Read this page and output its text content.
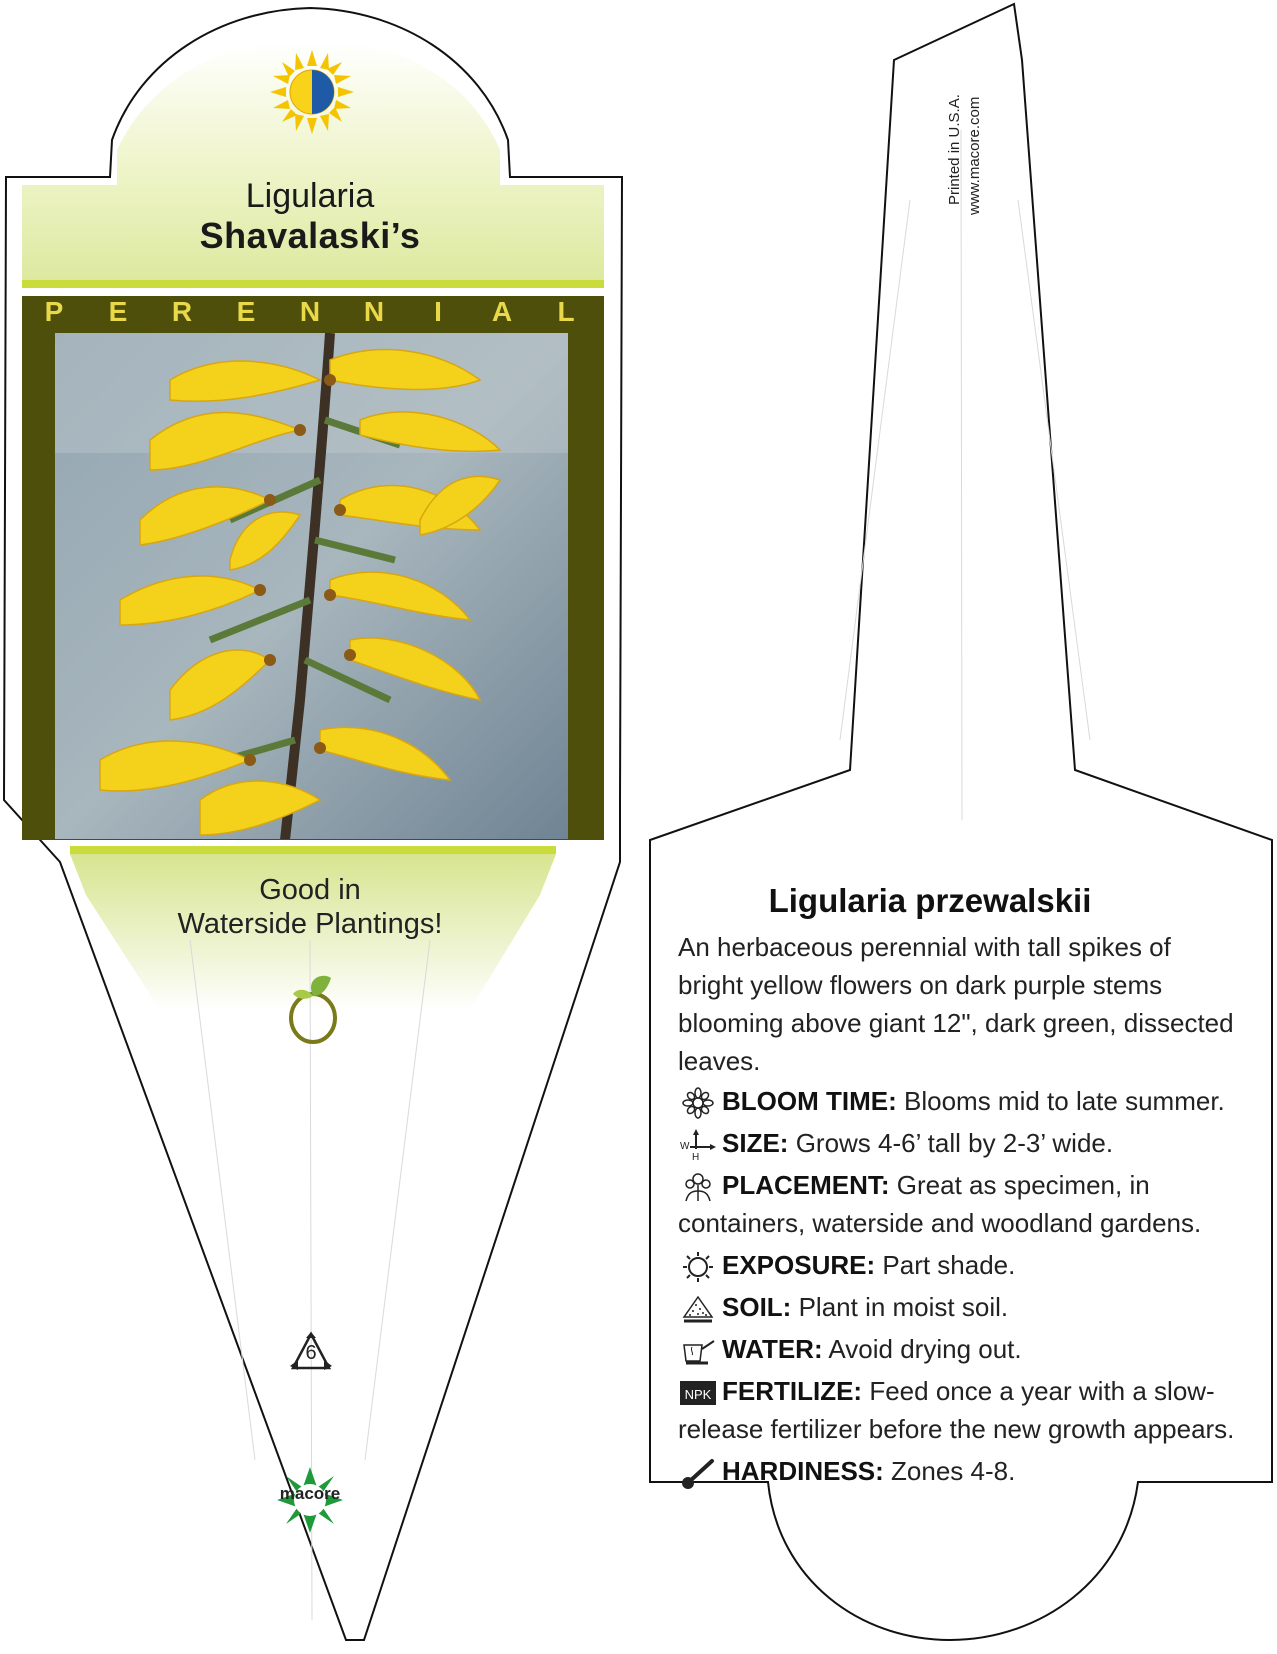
Ligularia
Shavalaski’s
P E R E N N	I	A L
Good in
Waterside Plantings!
6
macore
Printed in U.S.A. www.macore.com
Ligularia przewalskii

An herbaceous perennial with tall spikes of bright yellow flowers on dark purple stems blooming above giant 12", dark green, dissected leaves.

BLOOM TIME: Blooms mid to late summer.
W
H SIZE: Grows 4-6’ tall by 2-3’ wide.
PLACEMENT: Great as specimen, in containers, waterside and woodland gardens.
EXPOSURE: Part shade.
SOIL: Plant in moist soil.
WATER: Avoid drying out.
NPK FERTILIZE: Feed once a year with a slow-release fertilizer before the new growth appears.
HARDINESS: Zones 4-8.
